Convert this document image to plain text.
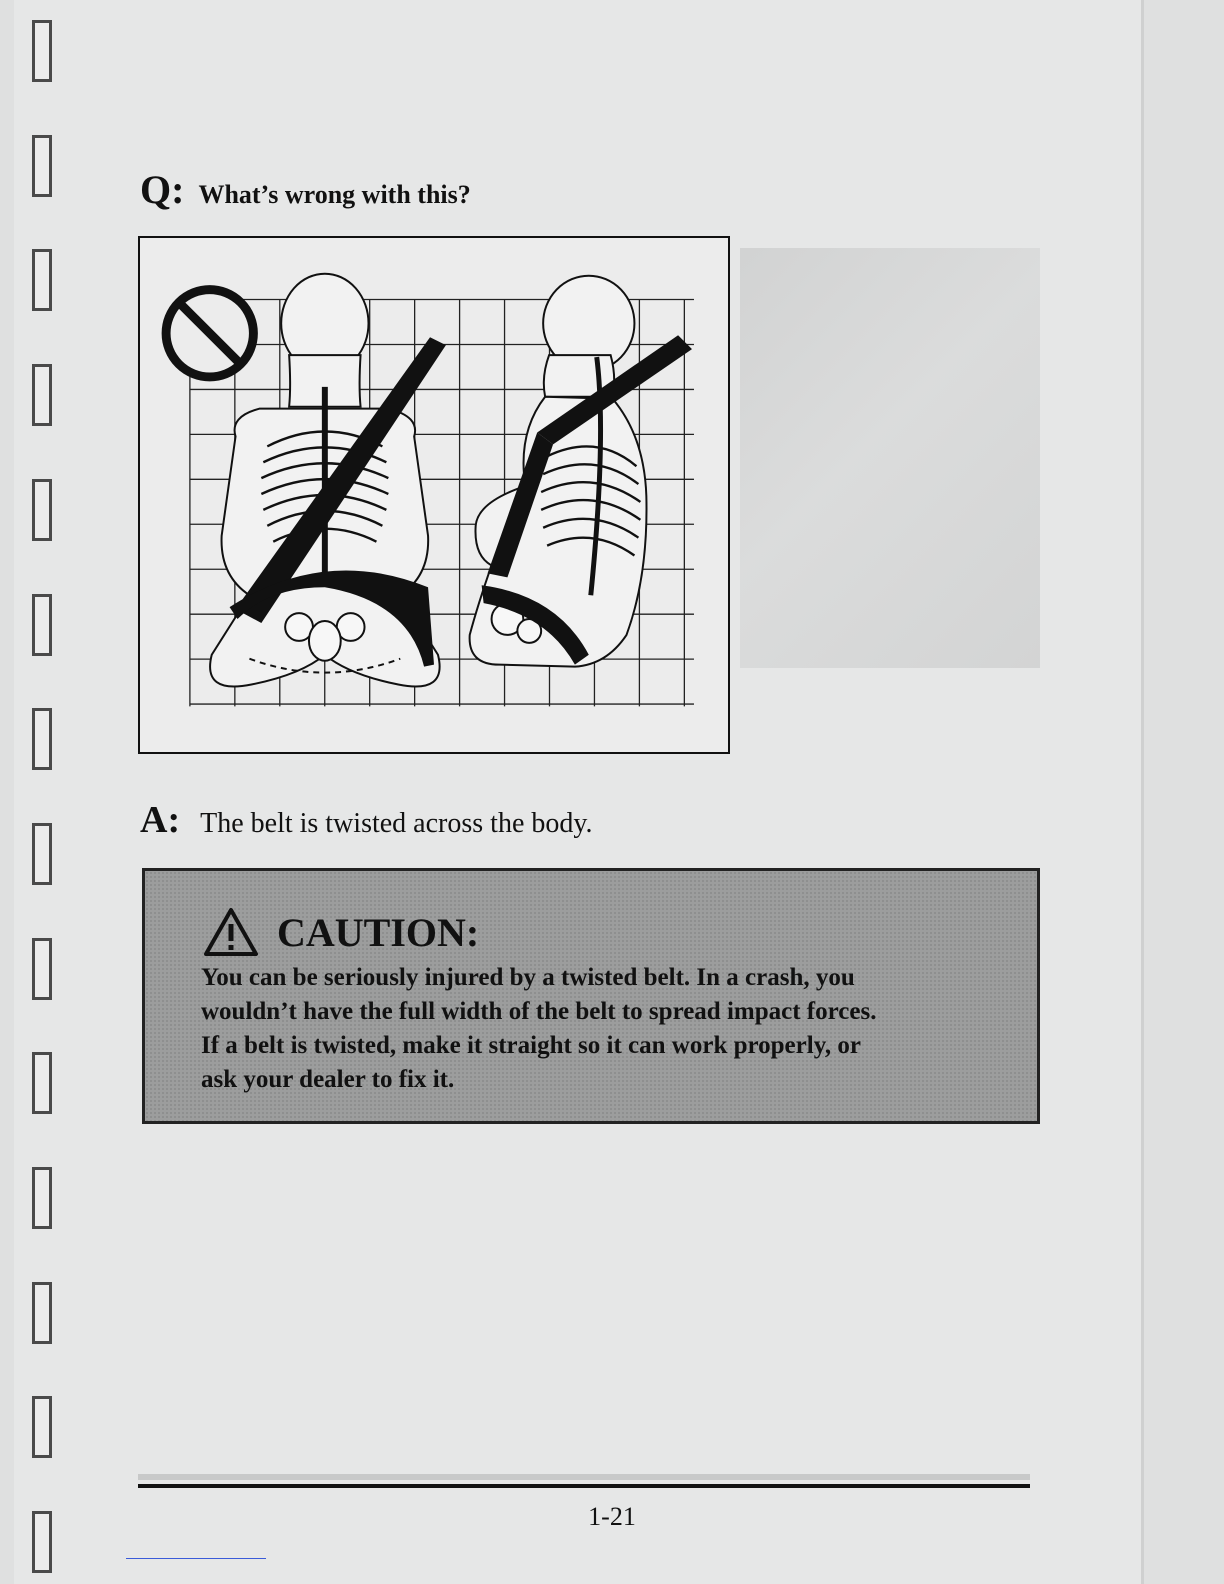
Q: What’s wrong with this?
A: The belt is twisted across the body.
CAUTION:
You can be seriously injured by a twisted belt. In a crash, you
wouldn’t have the full width of the belt to spread impact forces.
If a belt is twisted, make it straight so it can work properly, or
ask your dealer to fix it.
1-21
